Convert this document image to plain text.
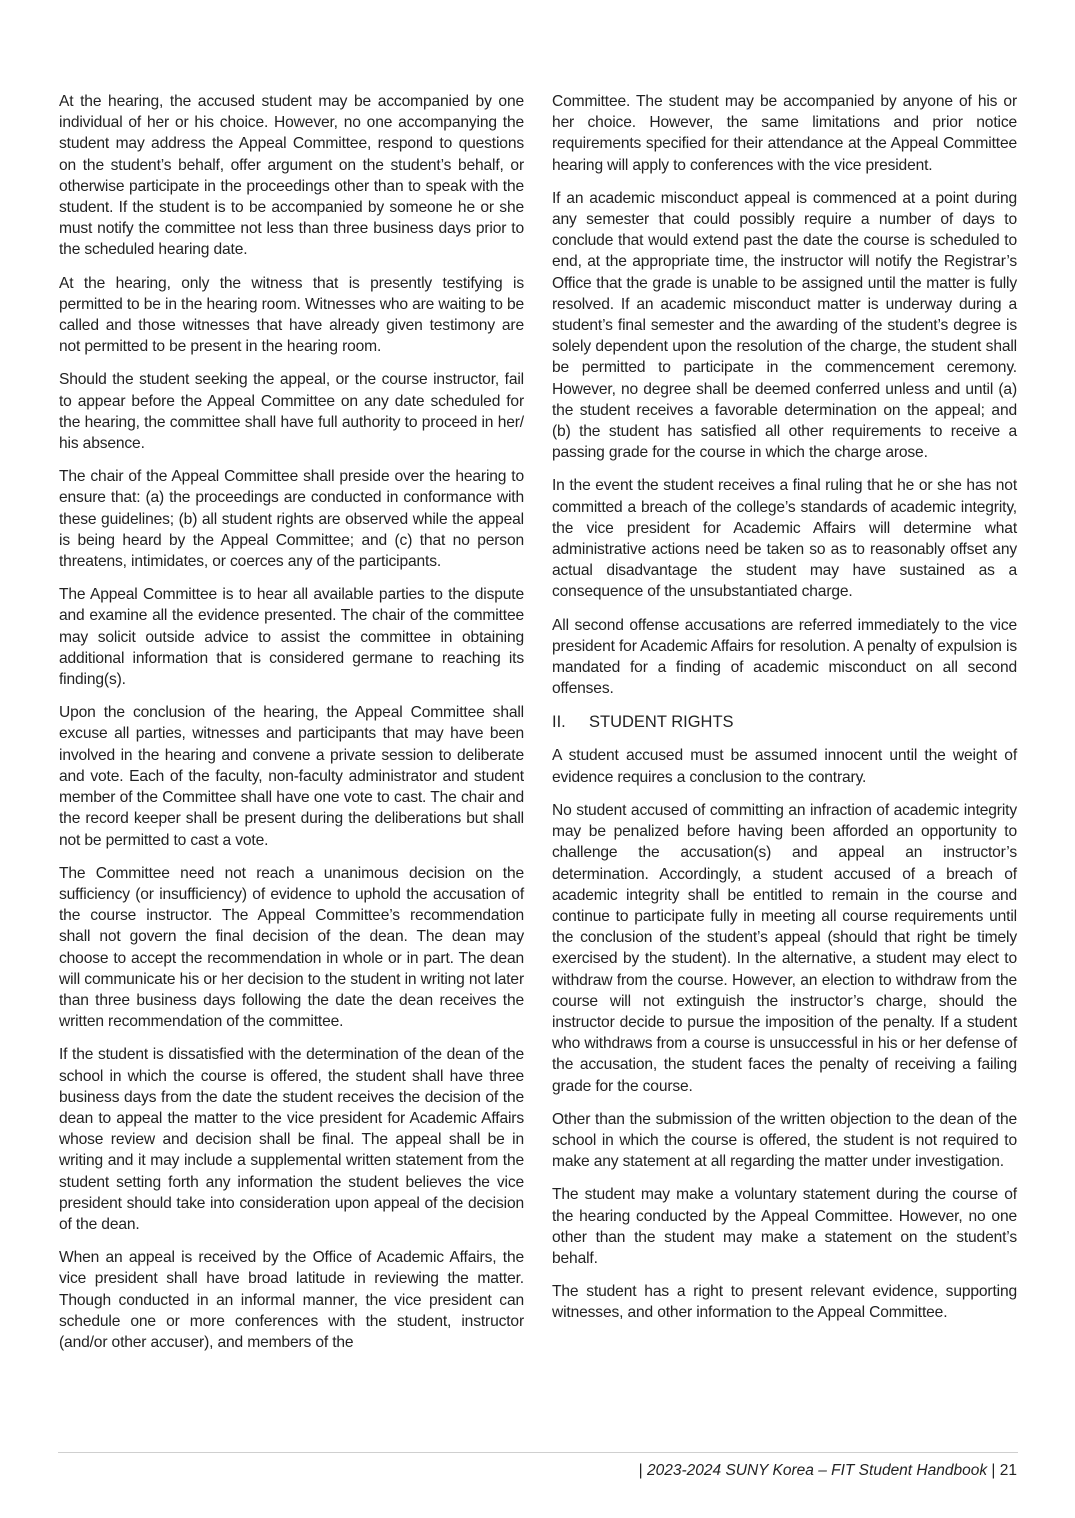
At the hearing, the accused student may be accompanied by one individual of her or his choice. However, no one accompanying the student may address the Appeal Committee, respond to questions on the student’s behalf, offer argument on the student’s behalf, or otherwise participate in the proceedings other than to speak with the student. If the student is to be accompanied by someone he or she must notify the committee not less than three business days prior to the scheduled hearing date.

At the hearing, only the witness that is presently testifying is permitted to be in the hearing room. Witnesses who are waiting to be called and those witnesses that have already given testimony are not permitted to be present in the hearing room.

Should the student seeking the appeal, or the course instructor, fail to appear before the Appeal Committee on any date scheduled for the hearing, the committee shall have full authority to proceed in her/ his absence.

The chair of the Appeal Committee shall preside over the hearing to ensure that: (a) the proceedings are conducted in conformance with these guidelines; (b) all student rights are observed while the appeal is being heard by the Appeal Committee; and (c) that no person threatens, intimidates, or coerces any of the participants.

The Appeal Committee is to hear all available parties to the dispute and examine all the evidence presented. The chair of the committee may solicit outside advice to assist the committee in obtaining additional information that is considered germane to reaching its finding(s).

Upon the conclusion of the hearing, the Appeal Committee shall excuse all parties, witnesses and participants that may have been involved in the hearing and convene a private session to deliberate and vote. Each of the faculty, non-faculty administrator and student member of the Committee shall have one vote to cast. The chair and the record keeper shall be present during the deliberations but shall not be permitted to cast a vote.

The Committee need not reach a unanimous decision on the sufficiency (or insufficiency) of evidence to uphold the accusation of the course instructor. The Appeal Committee’s recommendation shall not govern the final decision of the dean. The dean may choose to accept the recommendation in whole or in part. The dean will communicate his or her decision to the student in writing not later than three business days following the date the dean receives the written recommendation of the committee.

If the student is dissatisfied with the determination of the dean of the school in which the course is offered, the student shall have three business days from the date the student receives the decision of the dean to appeal the matter to the vice president for Academic Affairs whose review and decision shall be final. The appeal shall be in writing and it may include a supplemental written statement from the student setting forth any information the student believes the vice president should take into consideration upon appeal of the decision of the dean.

When an appeal is received by the Office of Academic Affairs, the vice president shall have broad latitude in reviewing the matter. Though conducted in an informal manner, the vice president can schedule one or more conferences with the student, instructor (and/or other accuser), and members of the

Committee. The student may be accompanied by anyone of his or her choice. However, the same limitations and prior notice requirements specified for their attendance at the Appeal Committee hearing will apply to conferences with the vice president.

If an academic misconduct appeal is commenced at a point during any semester that could possibly require a number of days to conclude that would extend past the date the course is scheduled to end, at the appropriate time, the instructor will notify the Registrar’s Office that the grade is unable to be assigned until the matter is fully resolved. If an academic misconduct matter is underway during a student’s final semester and the awarding of the student’s degree is solely dependent upon the resolution of the charge, the student shall be permitted to participate in the commencement ceremony. However, no degree shall be deemed conferred unless and until (a) the student receives a favorable determination on the appeal; and (b) the student has satisfied all other requirements to receive a passing grade for the course in which the charge arose.

In the event the student receives a final ruling that he or she has not committed a breach of the college’s standards of academic integrity, the vice president for Academic Affairs will determine what administrative actions need be taken so as to reasonably offset any actual disadvantage the student may have sustained as a consequence of the unsubstantiated charge.

All second offense accusations are referred immediately to the vice president for Academic Affairs for resolution. A penalty of expulsion is mandated for a finding of academic misconduct on all second offenses.

II. STUDENT RIGHTS

A student accused must be assumed innocent until the weight of evidence requires a conclusion to the contrary.

No student accused of committing an infraction of academic integrity may be penalized before having been afforded an opportunity to challenge the accusation(s) and appeal an instructor’s determination. Accordingly, a student accused of a breach of academic integrity shall be entitled to remain in the course and continue to participate fully in meeting all course requirements until the conclusion of the student’s appeal (should that right be timely exercised by the student). In the alternative, a student may elect to withdraw from the course. However, an election to withdraw from the course will not extinguish the instructor’s charge, should the instructor decide to pursue the imposition of the penalty. If a student who withdraws from a course is unsuccessful in his or her defense of the accusation, the student faces the penalty of receiving a failing grade for the course.

Other than the submission of the written objection to the dean of the school in which the course is offered, the student is not required to make any statement at all regarding the matter under investigation.

The student may make a voluntary statement during the course of the hearing conducted by the Appeal Committee. However, no one other than the student may make a statement on the student’s behalf.

The student has a right to present relevant evidence, supporting witnesses, and other information to the Appeal Committee.

| 2023-2024 SUNY Korea – FIT Student Handbook | 21
